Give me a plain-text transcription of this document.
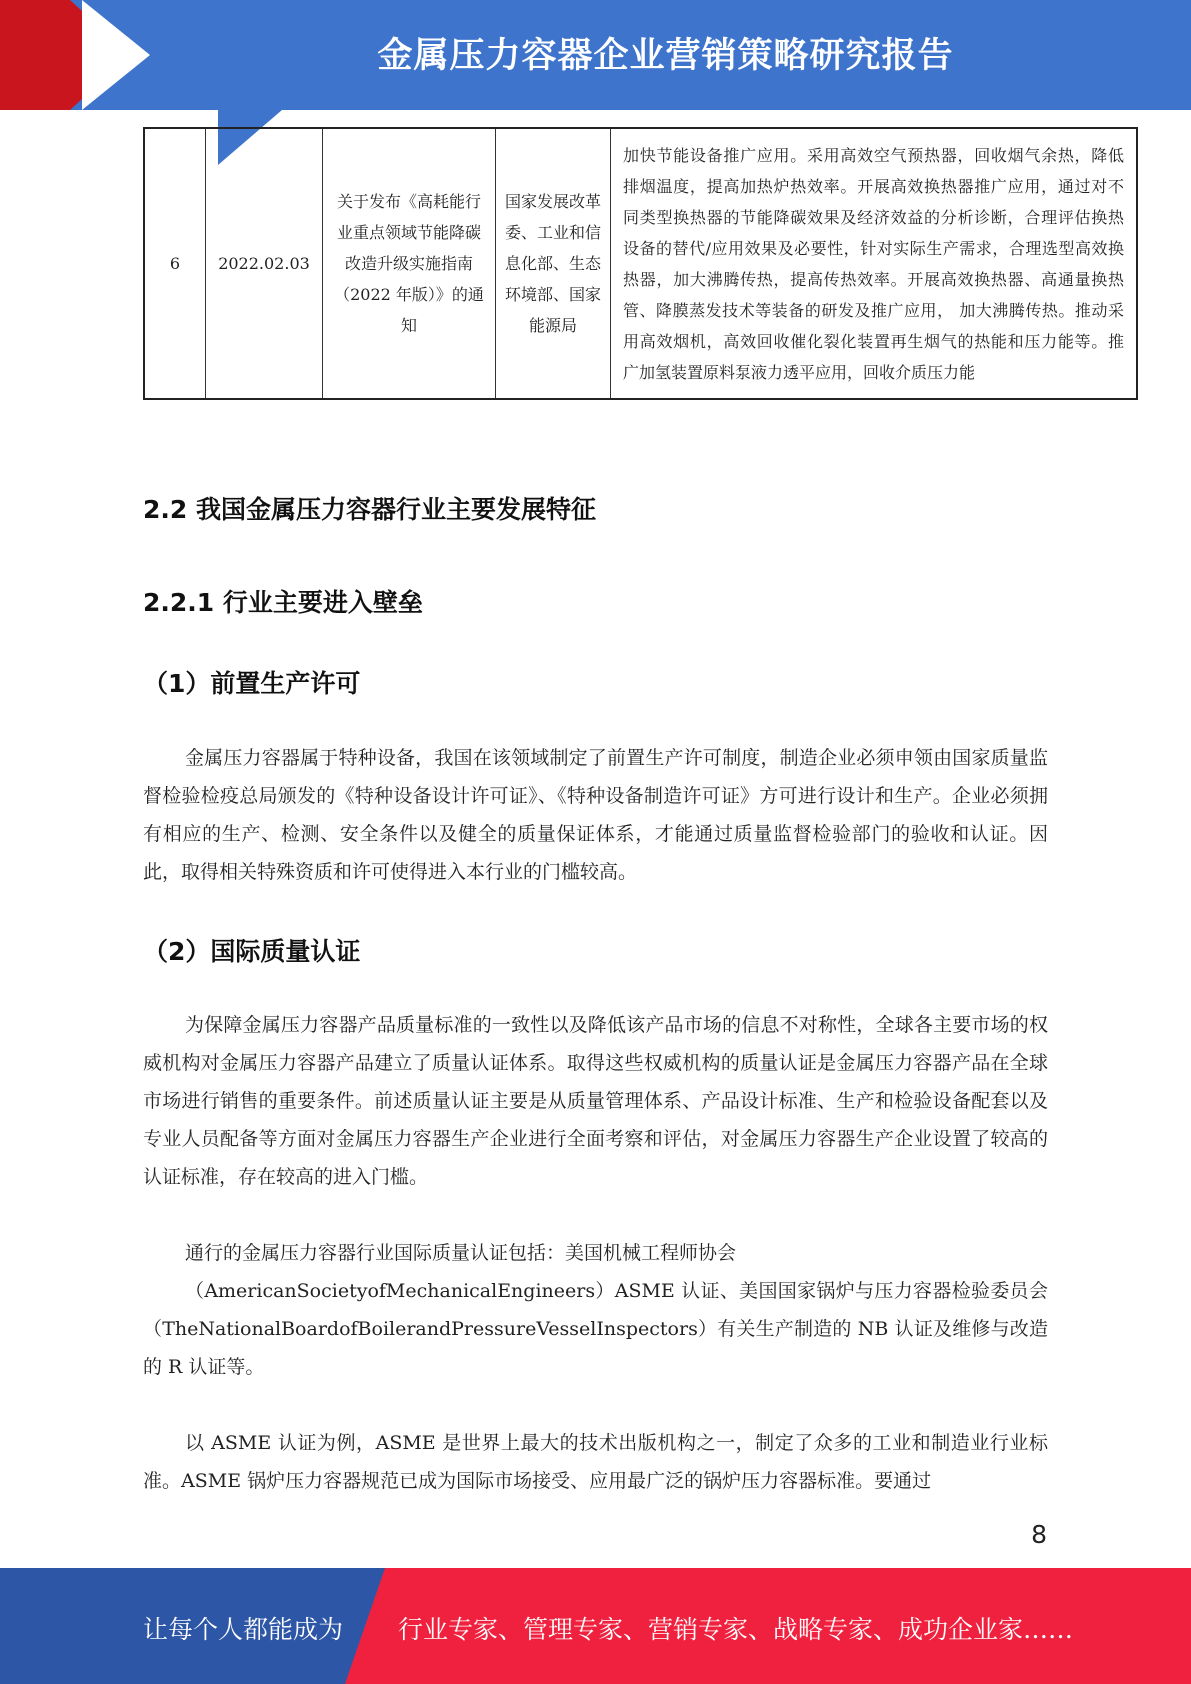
金属压力容器企业营销策略研究报告
6	2022.02.03	关于发布《高耗能行业重点领域节能降碳改造升级实施指南（2022 年版）》的通知	国家发展改革委、工业和信息化部、生态环境部、国家能源局	加快节能设备推广应用。采用高效空气预热器，回收烟气余热，降低 排烟温度，提高加热炉热效率。开展高效换热器推广应用，通过对不 同类型换热器的节能降碳效果及经济效益的分析诊断，合理评估换热 设备的替代/应用效果及必要性，针对实际生产需求，合理选型高效换 热器，加大沸腾传热，提高传热效率。开展高效换热器、高通量换热 管、降膜蒸发技术等装备的研发及推广应用， 加大沸腾传热。推动采 用高效烟机，高效回收催化裂化装置再生烟气的热能和压力能等。推 广加氢装置原料泵液力透平应用，回收介质压力能
2.2 我国金属压力容器行业主要发展特征
2.2.1 行业主要进入壁垒
（1）前置生产许可

金属压力容器属于特种设备，我国在该领域制定了前置生产许可制度，制造企业必须申领由国家质量监督检验检疫总局颁发的《特种设备设计许可证》、《特种设备制造许可证》方可进行设计和生产。企业必须拥有相应的生产、检测、安全条件以及健全的质量保证体系，才能通过质量监督检验部门的验收和认证。因此，取得相关特殊资质和许可使得进入本行业的门槛较高。

（2）国际质量认证

为保障金属压力容器产品质量标准的一致性以及降低该产品市场的信息不对称性，全球各主要市场的权威机构对金属压力容器产品建立了质量认证体系。取得这些权威机构的质量认证是金属压力容器产品在全球市场进行销售的重要条件。前述质量认证主要是从质量管理体系、产品设计标准、生产和检验设备配套以及专业人员配备等方面对金属压力容器生产企业进行全面考察和评估，对金属压力容器生产企业设置了较高的认证标准，存在较高的进入门槛。

通行的金属压力容器行业国际质量认证包括：美国机械工程师协会

（AmericanSocietyofMechanicalEngineers）ASME 认证、美国国家锅炉与压力容器检验委员会（TheNationalBoardofBoilerandPressureVesselInspectors）有关生产制造的 NB 认证及维修与改造的 R 认证等。

以 ASME 认证为例，ASME 是世界上最大的技术出版机构之一，制定了众多的工业和制造业行业标准。ASME 锅炉压力容器规范已成为国际市场接受、应用最广泛的锅炉压力容器标准。要通过

8
让每个人都能成为 行业专家、管理专家、营销专家、战略专家、成功企业家……
